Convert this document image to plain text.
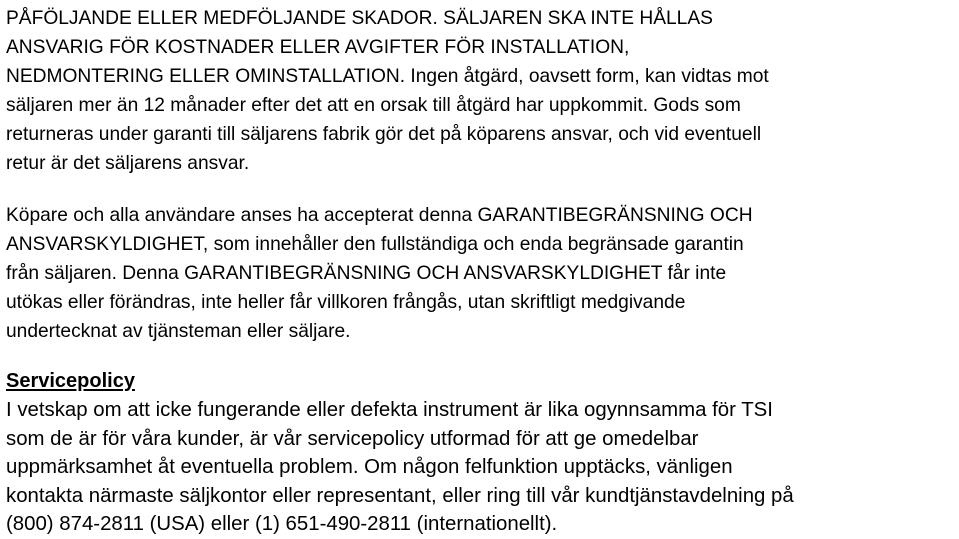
PÅFÖLJANDE ELLER MEDFÖLJANDE SKADOR. SÄLJAREN SKA INTE HÅLLAS
ANSVARIG FÖR KOSTNADER ELLER AVGIFTER FÖR INSTALLATION,
NEDMONTERING ELLER OMINSTALLATION. Ingen åtgärd, oavsett form, kan vidtas mot
säljaren mer än 12 månader efter det att en orsak till åtgärd har uppkommit. Gods som
returneras under garanti till säljarens fabrik gör det på köparens ansvar, och vid eventuell
retur är det säljarens ansvar.

Köpare och alla användare anses ha accepterat denna GARANTIBEGRÄNSNING OCH
ANSVARSKYLDIGHET, som innehåller den fullständiga och enda begränsade garantin
från säljaren. Denna GARANTIBEGRÄNSNING OCH ANSVARSKYLDIGHET får inte
utökas eller förändras, inte heller får villkoren frångås, utan skriftligt medgivande
undertecknat av tjänsteman eller säljare.

Servicepolicy
I vetskap om att icke fungerande eller defekta instrument är lika ogynnsamma för TSI
som de är för våra kunder, är vår servicepolicy utformad för att ge omedelbar
uppmärksamhet åt eventuella problem. Om någon felfunktion upptäcks, vänligen
kontakta närmaste säljkontor eller representant, eller ring till vår kundtjänstavdelning på
(800) 874-2811 (USA) eller (1) 651-490-2811 (internationellt).
